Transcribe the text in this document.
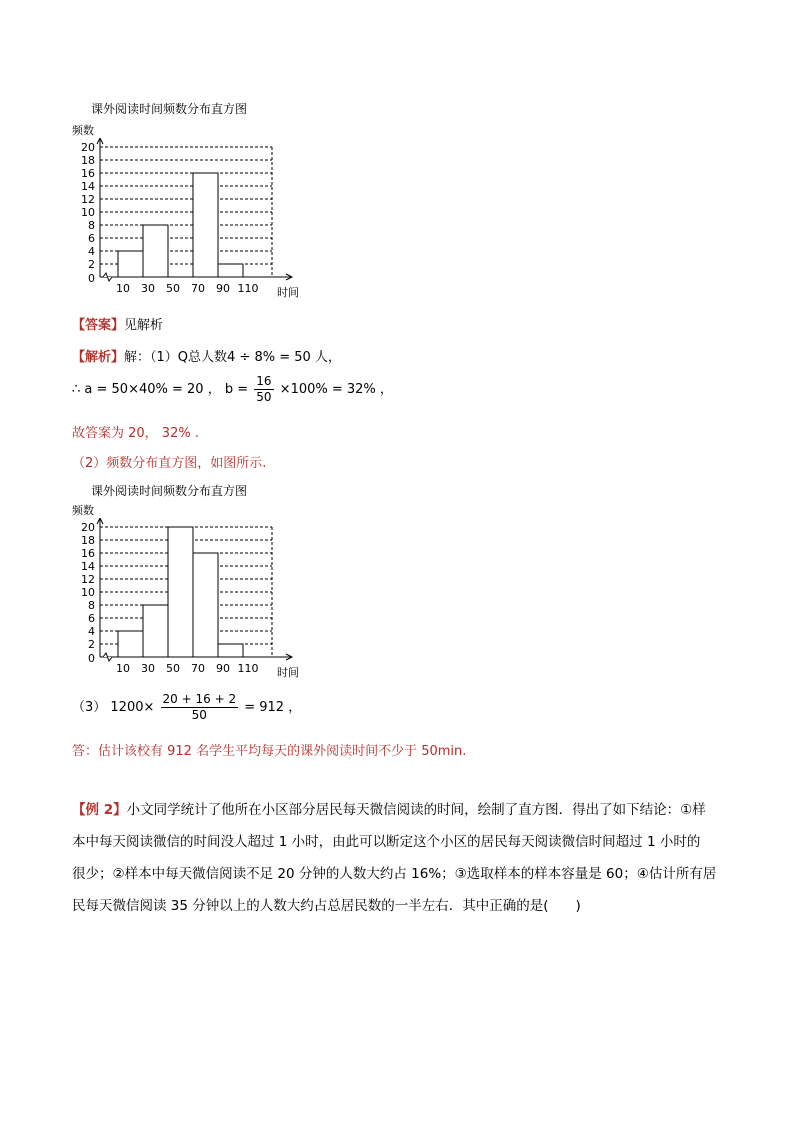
课外阅读时间频数分布直方图
频数
0
2
4
6
8
10
12
14
16
18
20
10 30 50 70 90 110 时间
【答案】见解析
【解析】解：（1）Q总人数4 ÷ 8% = 50 人，
∴ a = 50×40% = 20 ， $b = \frac{16}{50} \times 100\% = 32\%$ ，
故答案为 20， 32% .
（2）频数分布直方图，如图所示.
课外阅读时间频数分布直方图
频数
0
2
4
6
8
10
12
14
16
18
20
10 30 50 70 90 110 时间
（3） $1200\times \frac{20 + 16 + 2}{50} = 912$ ，
答：估计该校有 912 名学生平均每天的课外阅读时间不少于 50min.
【例 2】小文同学统计了他所在小区部分居民每天微信阅读的时间，绘制了直方图．得出了如下结论：①样
本中每天阅读微信的时间没人超过 1 小时，由此可以断定这个小区的居民每天阅读微信时间超过 1 小时的
很少；②样本中每天微信阅读不足 20 分钟的人数大约占 16%；③选取样本的样本容量是 60；④估计所有居
民每天微信阅读 35 分钟以上的人数大约占总居民数的一半左右．其中正确的是(　　)
